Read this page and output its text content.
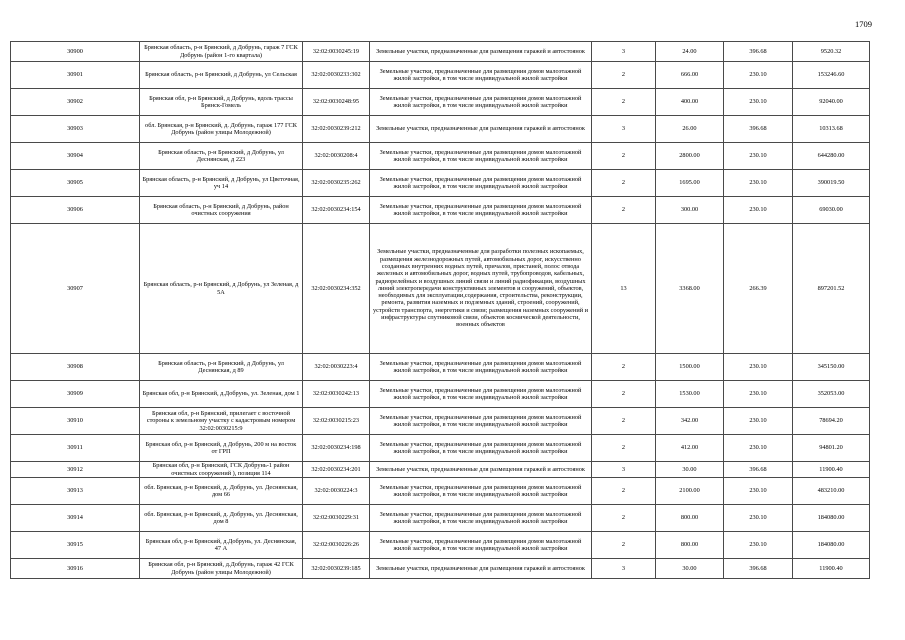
1709
30900	Брянская область, р-н Брянский, д Добрунь, гараж 7 ГСК Добрунь (район 1-го квартала)	32:02:0030245:19	Земельные участки, предназначенные для размещения гаражей и автостоянок	3	24.00	396.68	9520.32
30901	Брянская область, р-н Брянский, д Добрунь, ул Сельская	32:02:0030233:302	Земельные участки, предназначенные для размещения домов малоэтажной жилой застройки, в том числе индивидуальной жилой застройки	2	666.00	230.10	153246.60
30902	Брянская обл, р-н Брянский, д Добрунь, вдоль трассы Брянск-Гомель	32:02:0030248:95	Земельные участки, предназначенные для размещения домов малоэтажной жилой застройки, в том числе индивидуальной жилой застройки	2	400.00	230.10	92040.00
30903	обл. Брянская, р-н Брянский, д. Добрунь, гараж 177 ГСК Добрунь (район улицы Молодежной)	32:02:0030239:212	Земельные участки, предназначенные для размещения гаражей и автостоянок	3	26.00	396.68	10313.68
30904	Брянская область, р-н Брянский, д Добрунь, ул Деснянская, д 223	32:02:0030208:4	Земельные участки, предназначенные для размещения домов малоэтажной жилой застройки, в том числе индивидуальной жилой застройки	2	2800.00	230.10	644280.00
30905	Брянская область, р-н Брянский, д Добрунь, ул Цветочная, уч 14	32:02:0030235:262	Земельные участки, предназначенные для размещения домов малоэтажной жилой застройки, в том числе индивидуальной жилой застройки	2	1695.00	230.10	390019.50
30906	Брянская область, р-н Брянский, д Добрунь, район очистных сооружения	32:02:0030234:154	Земельные участки, предназначенные для размещения домов малоэтажной жилой застройки, в том числе индивидуальной жилой застройки	2	300.00	230.10	69030.00
30907	Брянская область, р-н Брянский, д Добрунь, ул Зеленая, д 5А	32:02:0030234:352	Земельные участки, предназначенные для разработки полезных ископаемых, размещения железнодорожных путей, автомобильных дорог, искусственно созданных внутренних водных путей, причалов, пристаней, полос отвода железных и автомобильных дорог, водных путей, трубопроводов, кабельных, радиорелейных и воздушных линий связи и линий радиофикации, воздушных линий электропередачи конструктивных элементов и сооружений, объектов, необходимых для эксплуатации,содержания, строительства, реконструкции, ремонта, развития наземных и подземных зданий, строений, сооружений, устройств транспорта, энергетики и связи; размещения наземных сооружений и инфраструктуры спутниковой связи, объектов космической деятельности, военных объектов	13	3368.00	266.39	897201.52
30908	Брянская область, р-н Брянский, д Добрунь, ул Деснянская, д 89	32:02:0030223:4	Земельные участки, предназначенные для размещения домов малоэтажной жилой застройки, в том числе индивидуальной жилой застройки	2	1500.00	230.10	345150.00
30909	Брянская обл, р-н Брянский, д.Добрунь, ул. Зеленая, дом 1	32:02:0030242:13	Земельные участки, предназначенные для размещения домов малоэтажной жилой застройки, в том числе индивидуальной жилой застройки	2	1530.00	230.10	352053.00
30910	Брянская обл, р-н Брянский, прилегает с восточной стороны к земельному участку с кадастровым номером 32:02:0030215:9	32:02:0030215:23	Земельные участки, предназначенные для размещения домов малоэтажной жилой застройки, в том числе индивидуальной жилой застройки	2	342.00	230.10	78694.20
30911	Брянская обл, р-н Брянский, д Добрунь, 200 м на восток от ГРП	32:02:0030234:198	Земельные участки, предназначенные для размещения домов малоэтажной жилой застройки, в том числе индивидуальной жилой застройки	2	412.00	230.10	94801.20
30912	Брянская обл, р-н Брянский, ГСК Добрунь-1 район очистных сооружений ), позиция 114	32:02:0030234:201	Земельные участки, предназначенные для размещения гаражей и автостоянок	3	30.00	396.68	11900.40
30913	обл. Брянская, р-н Брянский, д. Добрунь, ул. Деснянская, дом 66	32:02:0030224:3	Земельные участки, предназначенные для размещения домов малоэтажной жилой застройки, в том числе индивидуальной жилой застройки	2	2100.00	230.10	483210.00
30914	обл. Брянская, р-н Брянский, д. Добрунь, ул. Деснянская, дом 8	32:02:0030229:31	Земельные участки, предназначенные для размещения домов малоэтажной жилой застройки, в том числе индивидуальной жилой застройки	2	800.00	230.10	184080.00
30915	Брянская обл, р-н Брянский, д.Добрунь, ул. Деснянская, 47 А	32:02:0030226:26	Земельные участки, предназначенные для размещения домов малоэтажной жилой застройки, в том числе индивидуальной жилой застройки	2	800.00	230.10	184080.00
30916	Брянская обл, р-н Брянский, д.Добрунь, гараж 42 ГСК Добрунь (район улицы Молодежной)	32:02:0030239:185	Земельные участки, предназначенные для размещения гаражей и автостоянок	3	30.00	396.68	11900.40
